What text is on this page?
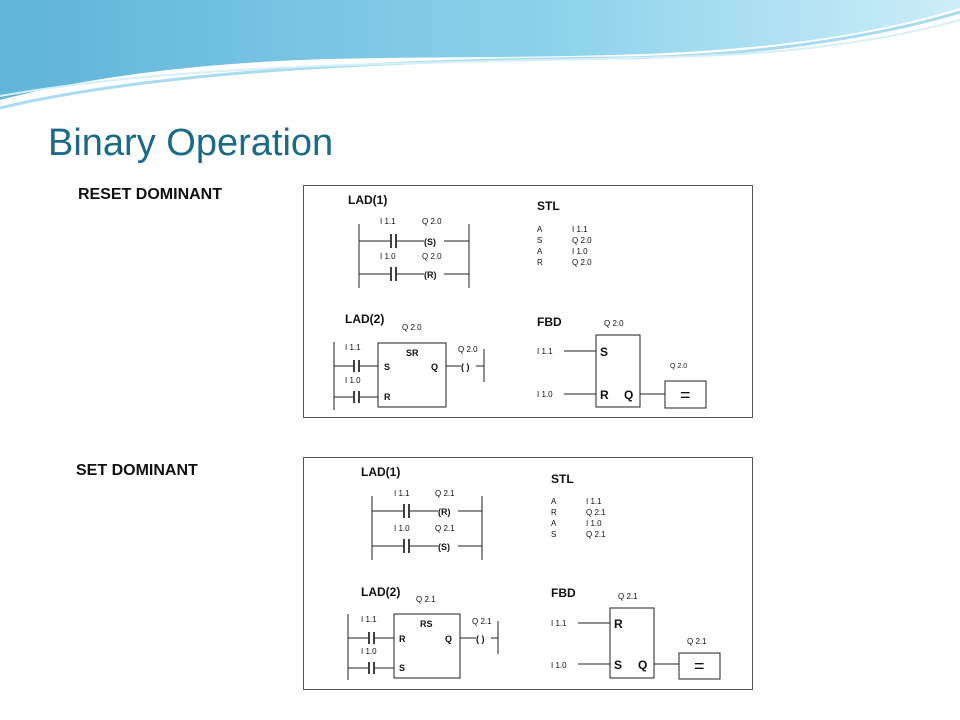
Binary Operation
RESET DOMINANT
SET DOMINANT
LAD(1)
I 1.1	Q 2.0
(S)
I 1.0	Q 2.0
(R)
STL
A	I 1.1
S	Q 2.0
A	I 1.0
R	Q 2.0
LAD(2)
Q 2.0
I 1.1
I 1.0
SR
S
R
Q
Q 2.0
( )
FBD	Q 2.0
I 1.1	S
I 1.0	R Q
Q 2.0
=
LAD(1)
I 1.1	Q 2.1
(R)
I 1.0	Q 2.1
(S)
STL
A	I 1.1
R	Q 2.1
A	I 1.0
S	Q 2.1
LAD(2)
Q 2.1
I 1.1
I 1.0
RS
R
S
Q
Q 2.1
( )
FBD	Q 2.1
I 1.1	R
I 1.0	S Q
Q 2.1
=
